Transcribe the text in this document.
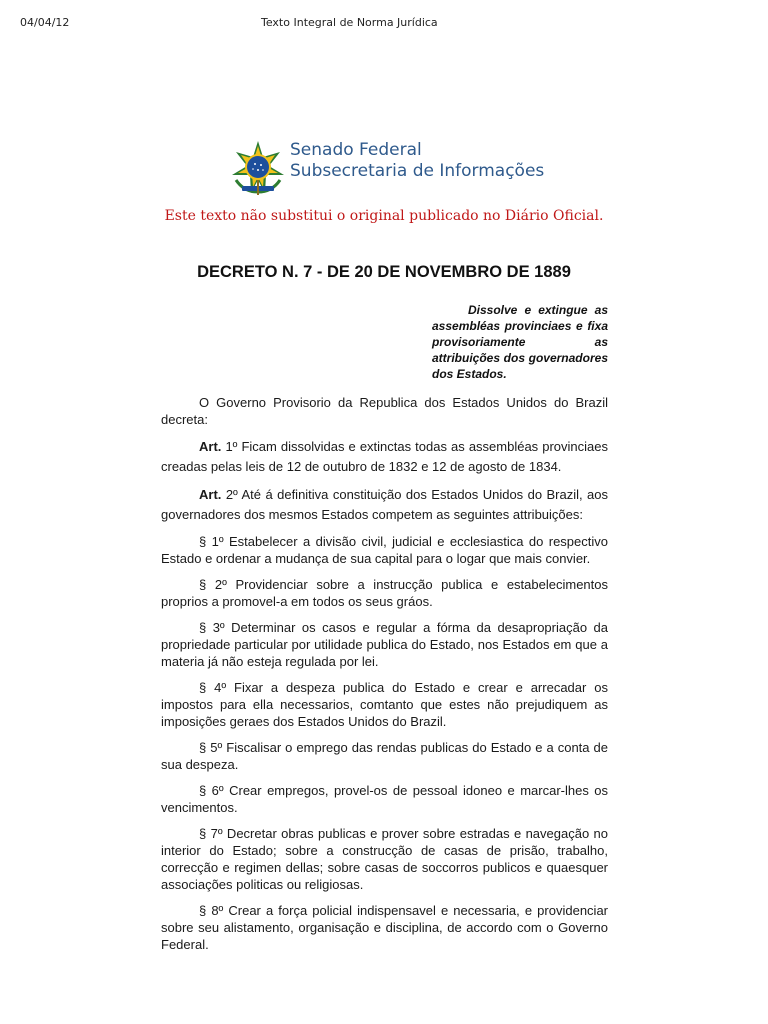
04/04/12	Texto Integral de Norma Jurídica
Senado Federal
Subsecretaria de Informações
Este texto não substitui o original publicado no Diário Oficial.
DECRETO N. 7 - DE 20 DE NOVEMBRO DE 1889
Dissolve e extingue as assembléas provinciaes e fixa provisoriamente as attribuições dos governadores dos Estados.

O Governo Provisorio da Republica dos Estados Unidos do Brazil decreta:

Art. 1º Ficam dissolvidas e extinctas todas as assembléas provinciaes creadas pelas leis de 12 de outubro de 1832 e 12 de agosto de 1834.

Art. 2º Até á definitiva constituição dos Estados Unidos do Brazil, aos governadores dos mesmos Estados competem as seguintes attribuições:

§ 1º Estabelecer a divisão civil, judicial e ecclesiastica do respectivo Estado e ordenar a mudança de sua capital para o logar que mais convier.

§ 2º Providenciar sobre a instrucção publica e estabelecimentos proprios a promovel-a em todos os seus gráos.

§ 3º Determinar os casos e regular a fórma da desapropriação da propriedade particular por utilidade publica do Estado, nos Estados em que a materia já não esteja regulada por lei.

§ 4º Fixar a despeza publica do Estado e crear e arrecadar os impostos para ella necessarios, comtanto que estes não prejudiquem as imposições geraes dos Estados Unidos do Brazil.

§ 5º Fiscalisar o emprego das rendas publicas do Estado e a conta de sua despeza.

§ 6º Crear empregos, provel-os de pessoal idoneo e marcar-lhes os vencimentos.

§ 7º Decretar obras publicas e prover sobre estradas e navegação no interior do Estado; sobre a construcção de casas de prisão, trabalho, correcção e regimen dellas; sobre casas de soccorros publicos e quaesquer associações politicas ou religiosas.

§ 8º Crear a força policial indispensavel e necessaria, e providenciar sobre seu alistamento, organisação e disciplina, de accordo com o Governo Federal.
